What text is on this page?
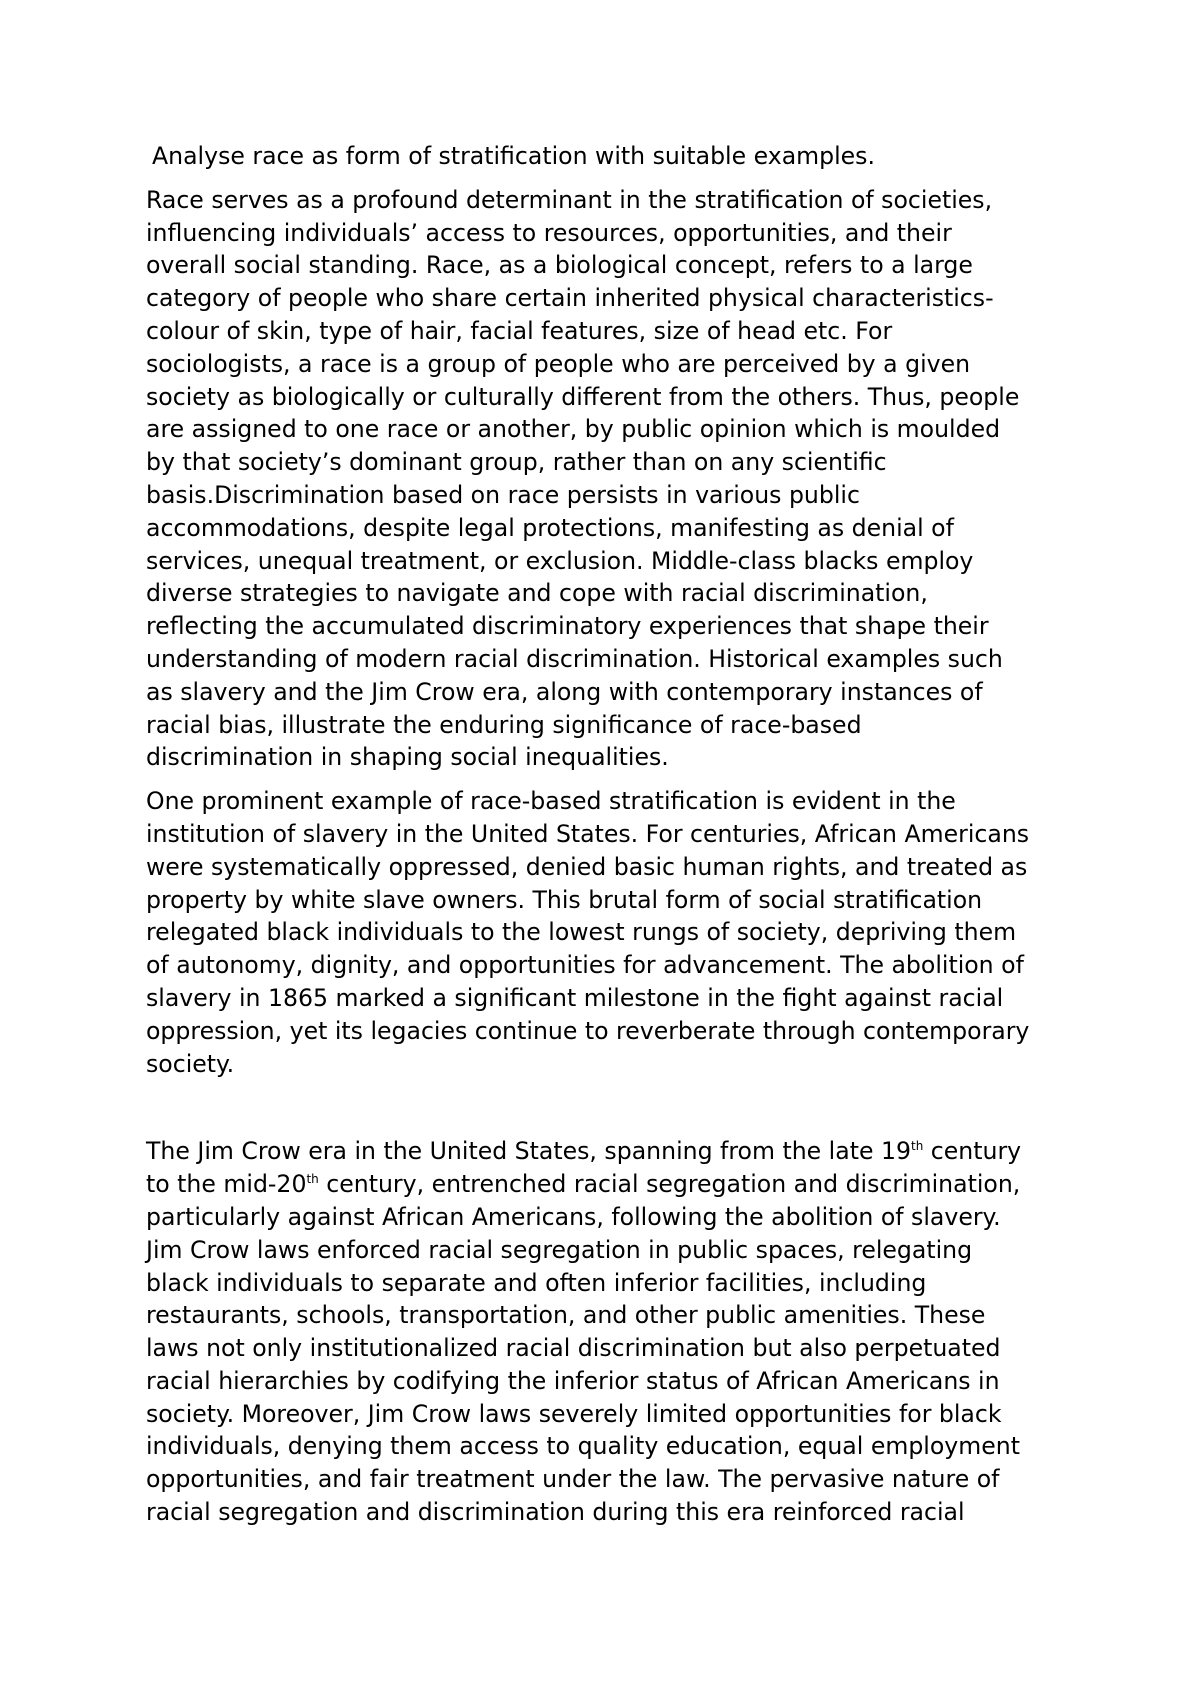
Analyse race as form of stratification with suitable examples.
Race serves as a profound determinant in the stratification of societies,
influencing individuals’ access to resources, opportunities, and their
overall social standing. Race, as a biological concept, refers to a large
category of people who share certain inherited physical characteristics-
colour of skin, type of hair, facial features, size of head etc. For
sociologists, a race is a group of people who are perceived by a given
society as biologically or culturally different from the others. Thus, people
are assigned to one race or another, by public opinion which is moulded
by that society’s dominant group, rather than on any scientific
basis.Discrimination based on race persists in various public
accommodations, despite legal protections, manifesting as denial of
services, unequal treatment, or exclusion. Middle-class blacks employ
diverse strategies to navigate and cope with racial discrimination,
reflecting the accumulated discriminatory experiences that shape their
understanding of modern racial discrimination. Historical examples such
as slavery and the Jim Crow era, along with contemporary instances of
racial bias, illustrate the enduring significance of race-based
discrimination in shaping social inequalities.
One prominent example of race-based stratification is evident in the
institution of slavery in the United States. For centuries, African Americans
were systematically oppressed, denied basic human rights, and treated as
property by white slave owners. This brutal form of social stratification
relegated black individuals to the lowest rungs of society, depriving them
of autonomy, dignity, and opportunities for advancement. The abolition of
slavery in 1865 marked a significant milestone in the fight against racial
oppression, yet its legacies continue to reverberate through contemporary
society.
The Jim Crow era in the United States, spanning from the late 19th century
to the mid-20th century, entrenched racial segregation and discrimination,
particularly against African Americans, following the abolition of slavery.
Jim Crow laws enforced racial segregation in public spaces, relegating
black individuals to separate and often inferior facilities, including
restaurants, schools, transportation, and other public amenities. These
laws not only institutionalized racial discrimination but also perpetuated
racial hierarchies by codifying the inferior status of African Americans in
society. Moreover, Jim Crow laws severely limited opportunities for black
individuals, denying them access to quality education, equal employment
opportunities, and fair treatment under the law. The pervasive nature of
racial segregation and discrimination during this era reinforced racial
